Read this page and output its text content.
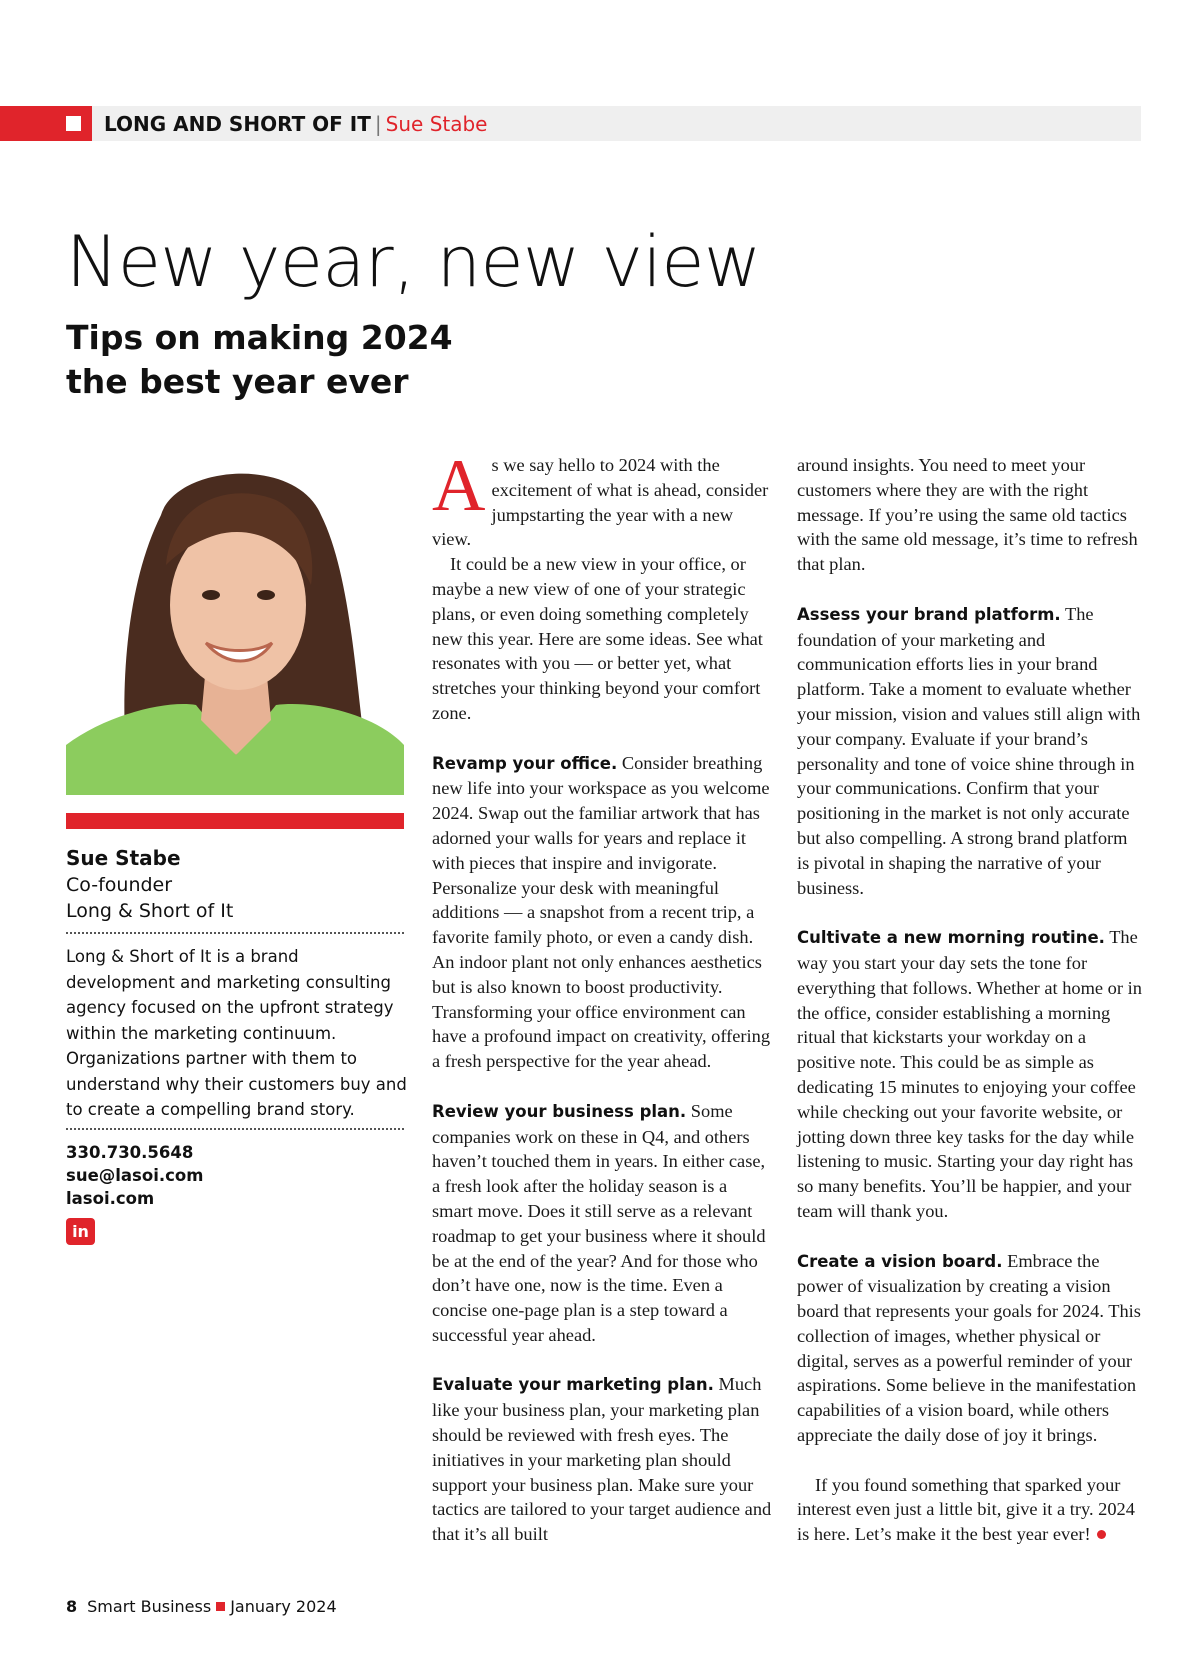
LONG AND SHORT OF IT | Sue Stabe
New year, new view
Tips on making 2024
the best year ever
Sue Stabe
Co-founder
Long & Short of It

Long & Short of It is a brand development and marketing consulting agency focused on the upfront strategy within the marketing continuum. Organizations partner with them to understand why their customers buy and to create a compelling brand story.

330.730.5648
sue@lasoi.com
lasoi.com
in

As we say hello to 2024 with the excitement of what is ahead, consider jumpstarting the year with a new view.

It could be a new view in your office, or maybe a new view of one of your strategic plans, or even doing something completely new this year. Here are some ideas. See what resonates with you — or better yet, what stretches your thinking beyond your comfort zone.

Revamp your office. Consider breathing new life into your workspace as you welcome 2024. Swap out the familiar artwork that has adorned your walls for years and replace it with pieces that inspire and invigorate. Personalize your desk with meaningful additions — a snapshot from a recent trip, a favorite family photo, or even a candy dish. An indoor plant not only enhances aesthetics but is also known to boost productivity. Transforming your office environment can have a profound impact on creativity, offering a fresh perspective for the year ahead.

Review your business plan. Some companies work on these in Q4, and others haven’t touched them in years. In either case, a fresh look after the holiday season is a smart move. Does it still serve as a relevant roadmap to get your business where it should be at the end of the year? And for those who don’t have one, now is the time. Even a concise one-page plan is a step toward a successful year ahead.

Evaluate your marketing plan. Much like your business plan, your marketing plan should be reviewed with fresh eyes. The initiatives in your marketing plan should support your business plan. Make sure your tactics are tailored to your target audience and that it’s all built

around insights. You need to meet your customers where they are with the right message. If you’re using the same old tactics with the same old message, it’s time to refresh that plan.

Assess your brand platform. The foundation of your marketing and communication efforts lies in your brand platform. Take a moment to evaluate whether your mission, vision and values still align with your company. Evaluate if your brand’s personality and tone of voice shine through in your communications. Confirm that your positioning in the market is not only accurate but also compelling. A strong brand platform is pivotal in shaping the narrative of your business.

Cultivate a new morning routine. The way you start your day sets the tone for everything that follows. Whether at home or in the office, consider establishing a morning ritual that kickstarts your workday on a positive note. This could be as simple as dedicating 15 minutes to enjoying your coffee while checking out your favorite website, or jotting down three key tasks for the day while listening to music. Starting your day right has so many benefits. You’ll be happier, and your team will thank you.

Create a vision board. Embrace the power of visualization by creating a vision board that represents your goals for 2024. This collection of images, whether physical or digital, serves as a powerful reminder of your aspirations. Some believe in the manifestation capabilities of a vision board, while others appreciate the daily dose of joy it brings.

If you found something that sparked your interest even just a little bit, give it a try. 2024 is here. Let’s make it the best year ever!

8 Smart Business January 2024
